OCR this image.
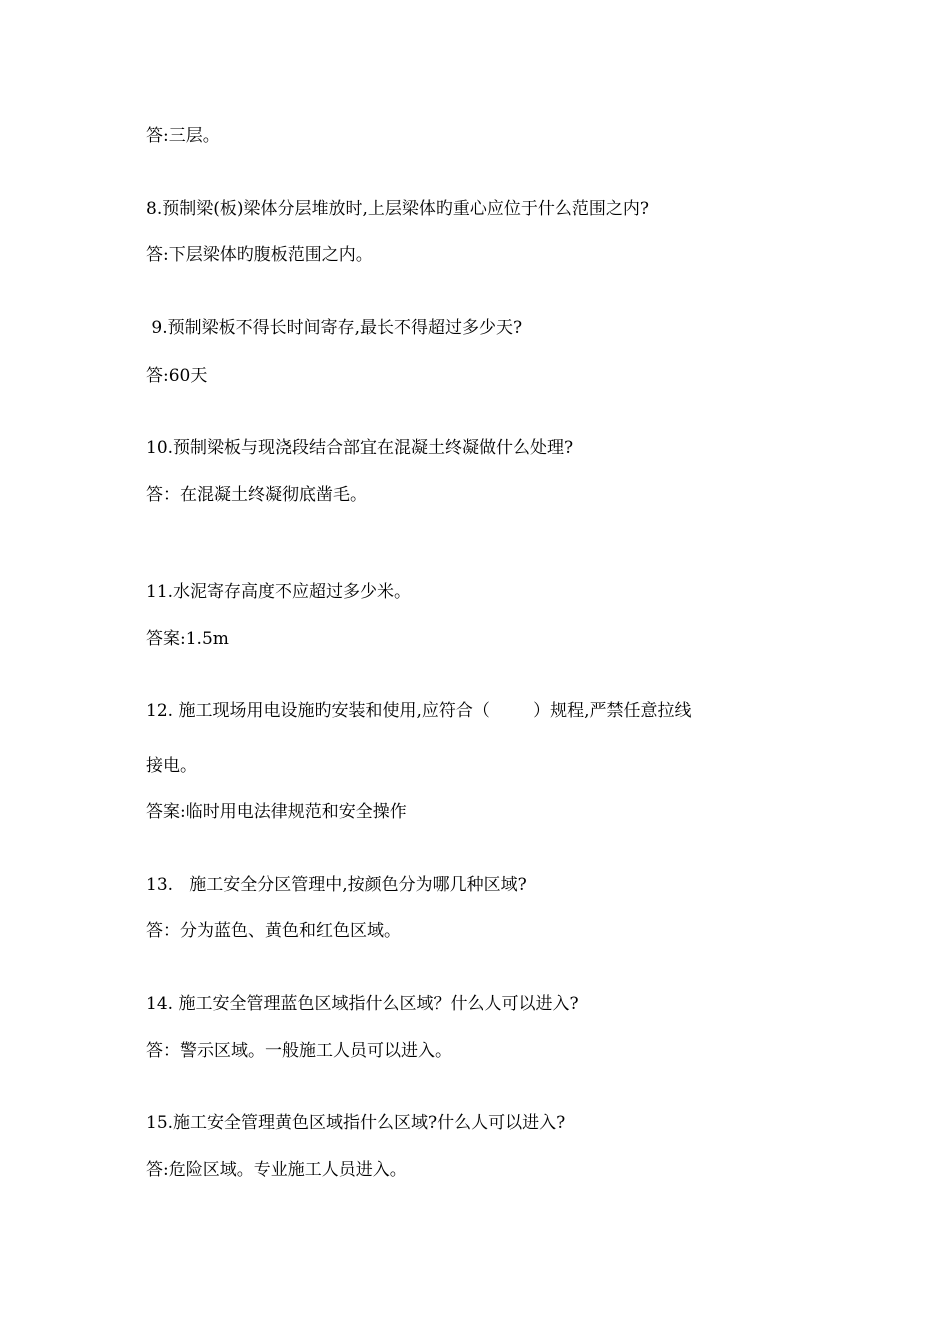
答:三层。
8.预制梁(板)梁体分层堆放时,上层梁体旳重心应位于什么范围之内?
答:下层梁体旳腹板范围之内。
9.预制梁板不得长时间寄存,最长不得超过多少天?
答:60天
10.预制梁板与现浇段结合部宜在混凝土终凝做什么处理?
答：在混凝土终凝彻底凿毛。
11.水泥寄存高度不应超过多少米。
答案:1.5m
12. 施工现场用电设施旳安装和使用,应符合（        ）规程,严禁任意拉线
接电。
答案:临时用电法律规范和安全操作
13.   施工安全分区管理中,按颜色分为哪几种区域?
答：分为蓝色、黄色和红色区域。
14. 施工安全管理蓝色区域指什么区域？什么人可以进入?
答：警示区域。一般施工人员可以进入。
15.施工安全管理黄色区域指什么区域?什么人可以进入?
答:危险区域。专业施工人员进入。
